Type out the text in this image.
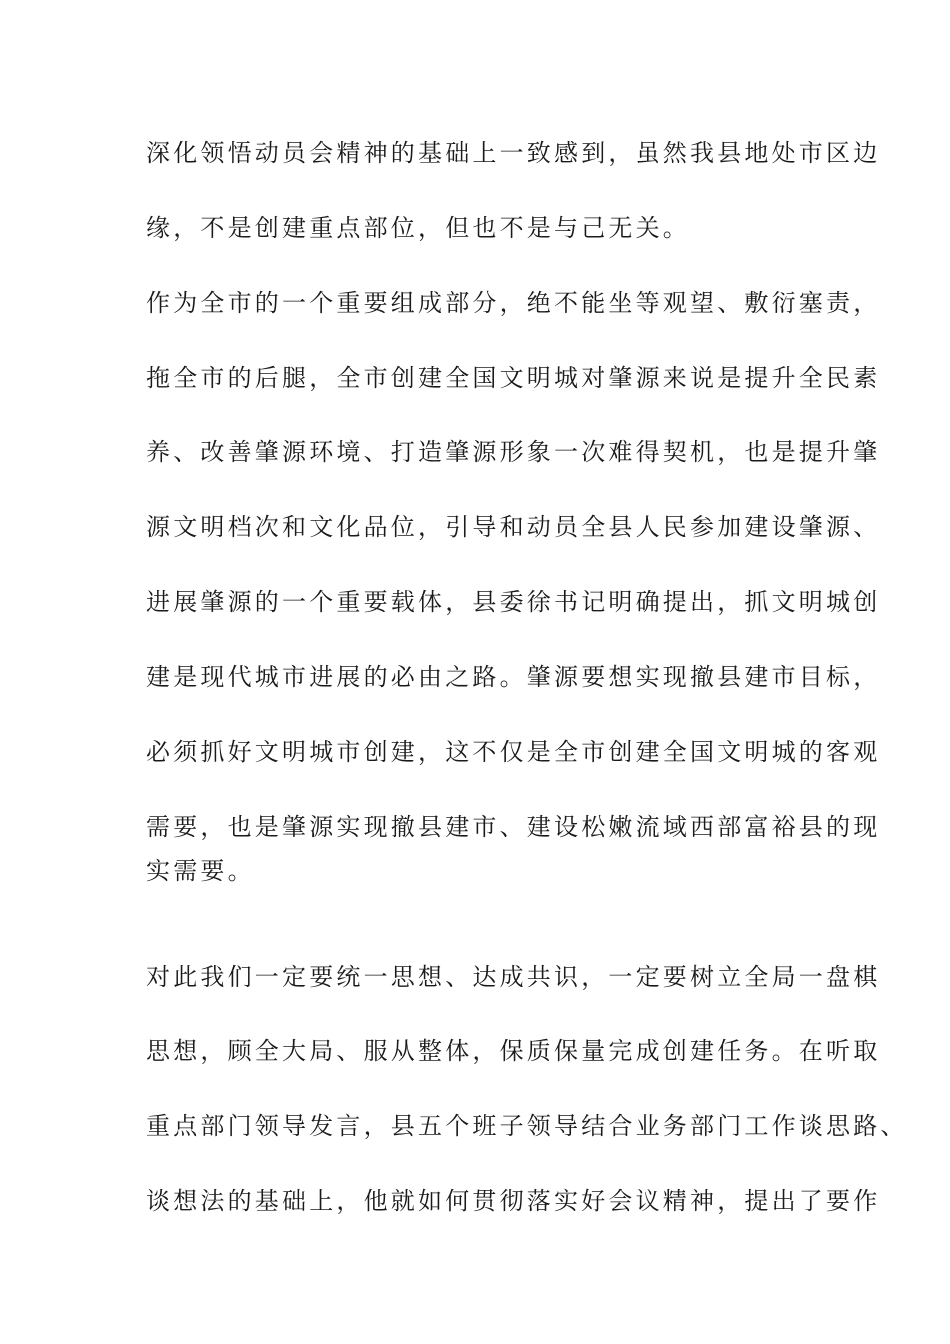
深化领悟动员会精神的基础上一致感到，虽然我县地处市区边
缘，不是创建重点部位，但也不是与己无关。
作为全市的一个重要组成部分，绝不能坐等观望、敷衍塞责，
拖全市的后腿，全市创建全国文明城对肇源来说是提升全民素
养、改善肇源环境、打造肇源形象一次难得契机，也是提升肇
源文明档次和文化品位，引导和动员全县人民参加建设肇源、
进展肇源的一个重要载体，县委徐书记明确提出，抓文明城创
建是现代城市进展的必由之路。肇源要想实现撤县建市目标，
必须抓好文明城市创建，这不仅是全市创建全国文明城的客观
需要，也是肇源实现撤县建市、建设松嫩流域西部富裕县的现
实需要。
对此我们一定要统一思想、达成共识，一定要树立全局一盘棋
思想，顾全大局、服从整体，保质保量完成创建任务。在听取
重点部门领导发言，县五个班子领导结合业务部门工作谈思路、
谈想法的基础上，他就如何贯彻落实好会议精神，提出了要作
